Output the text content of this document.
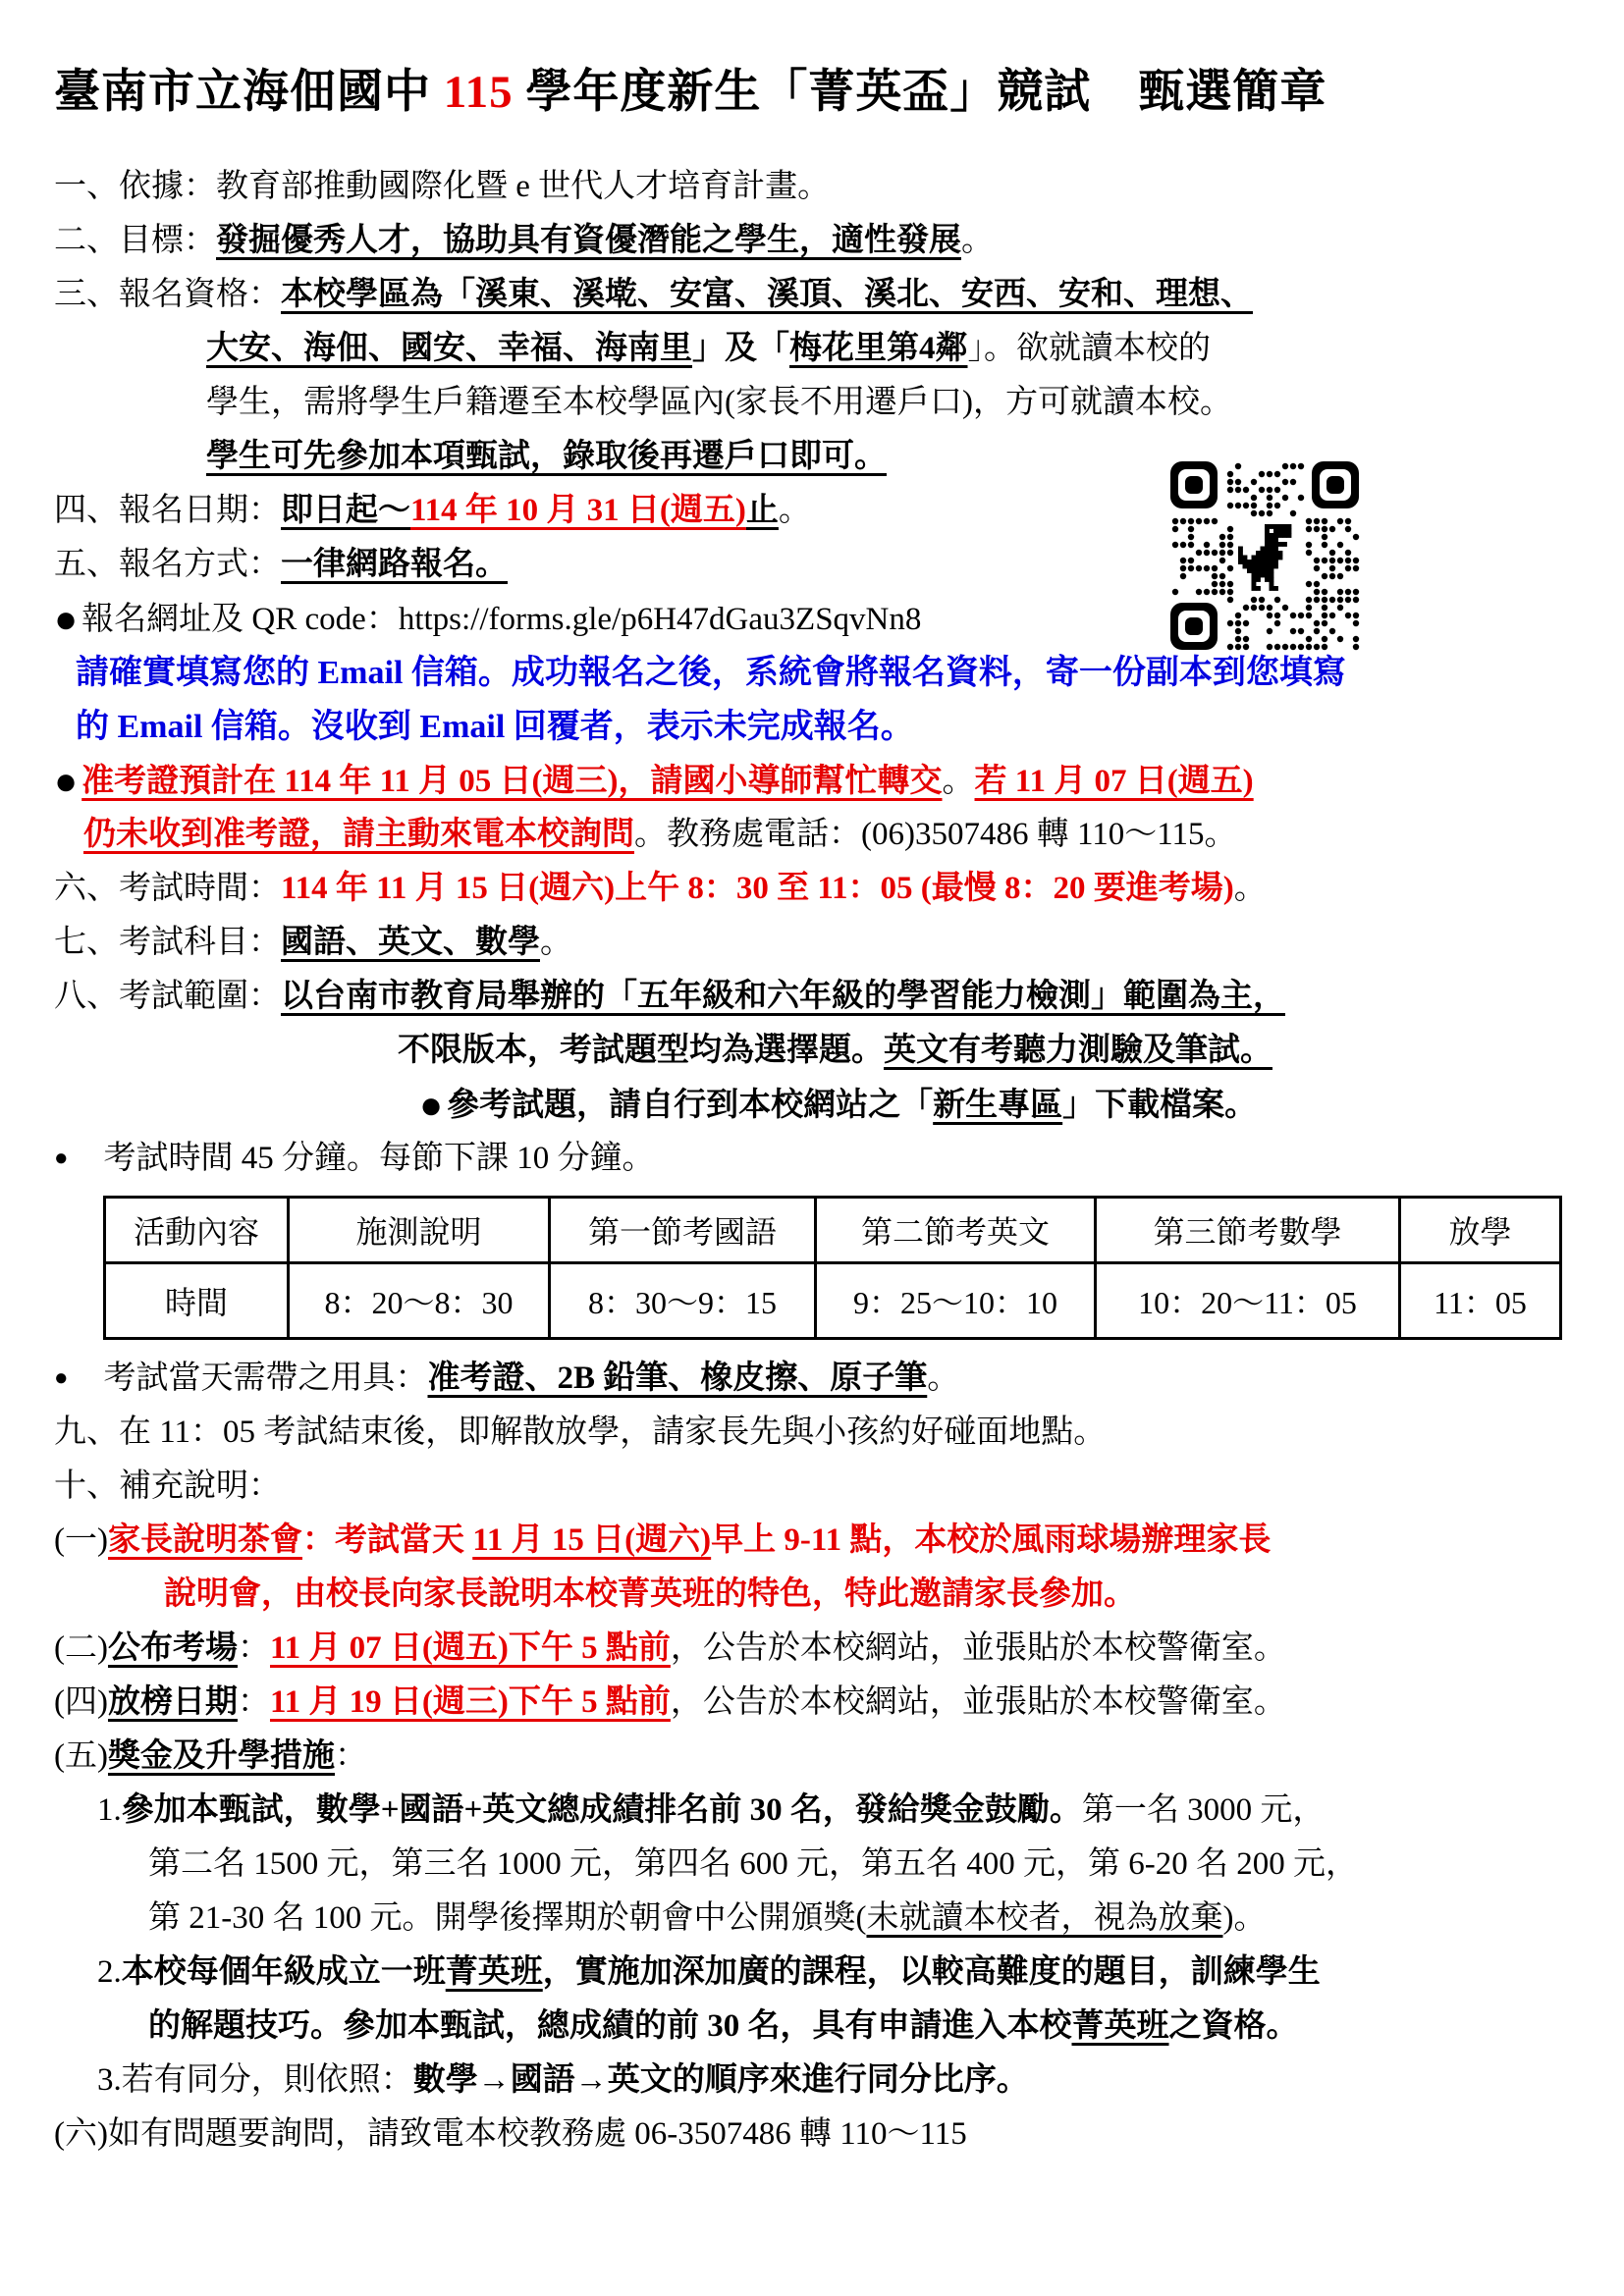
臺南市立海佃國中 115 學年度新生「菁英盃」競試　甄選簡章
一、依據：教育部推動國際化暨 e 世代人才培育計畫。
二、目標：發掘優秀人才，協助具有資優潛能之學生，適性發展。
三、報名資格：本校學區為「溪東、溪墘、安富、溪頂、溪北、安西、安和、理想、
大安、海佃、國安、幸福、海南里」及「梅花里第4鄰」。欲就讀本校的
學生，需將學生戶籍遷至本校學區內(家長不用遷戶口)，方可就讀本校。
學生可先參加本項甄試，錄取後再遷戶口即可。
四、報名日期：即日起～114 年 10 月 31 日(週五)止。
五、報名方式：一律網路報名。
● 報名網址及 QR code：https://forms.gle/p6H47dGau3ZSqvNn8
請確實填寫您的 Email 信箱。成功報名之後，系統會將報名資料，寄一份副本到您填寫
的 Email 信箱。沒收到 Email 回覆者，表示未完成報名。
● 准考證預計在 114 年 11 月 05 日(週三)，請國小導師幫忙轉交。若 11 月 07 日(週五)
仍未收到准考證，請主動來電本校詢問。教務處電話：(06)3507486 轉 110～115。
六、考試時間：114 年 11 月 15 日(週六)上午 8：30 至 11：05 (最慢 8：20 要進考場)。
七、考試科目：國語、英文、數學。
八、考試範圍：以台南市教育局舉辦的「五年級和六年級的學習能力檢測」範圍為主，
不限版本，考試題型均為選擇題。英文有考聽力測驗及筆試。
● 參考試題，請自行到本校網站之「新生專區」下載檔案。
● 考試時間 45 分鐘。每節下課 10 分鐘。
活動內容	施測說明	第一節考國語	第二節考英文	第三節考數學	放學
時間	8：20～8：30	8：30～9：15	9：25～10：10	10：20～11：05	11：05
● 考試當天需帶之用具：准考證、2B 鉛筆、橡皮擦、原子筆。
九、在 11：05 考試結束後，即解散放學，請家長先與小孩約好碰面地點。
十、補充說明：
(一)家長說明茶會：考試當天 11 月 15 日(週六)早上 9-11 點，本校於風雨球場辦理家長
說明會，由校長向家長說明本校菁英班的特色，特此邀請家長參加。
(二)公布考場：11 月 07 日(週五)下午 5 點前，公告於本校網站，並張貼於本校警衛室。
(四)放榜日期：11 月 19 日(週三)下午 5 點前，公告於本校網站，並張貼於本校警衛室。
(五)獎金及升學措施：
1.參加本甄試，數學+國語+英文總成績排名前 30 名，發給獎金鼓勵。第一名 3000 元，
第二名 1500 元，第三名 1000 元，第四名 600 元，第五名 400 元，第 6-20 名 200 元，
第 21-30 名 100 元。開學後擇期於朝會中公開頒獎(未就讀本校者，視為放棄)。
2.本校每個年級成立一班菁英班，實施加深加廣的課程，以較高難度的題目，訓練學生
的解題技巧。參加本甄試，總成績的前 30 名，具有申請進入本校菁英班之資格。
3.若有同分，則依照：數學→國語→英文的順序來進行同分比序。
(六)如有問題要詢問，請致電本校教務處 06-3507486 轉 110～115
